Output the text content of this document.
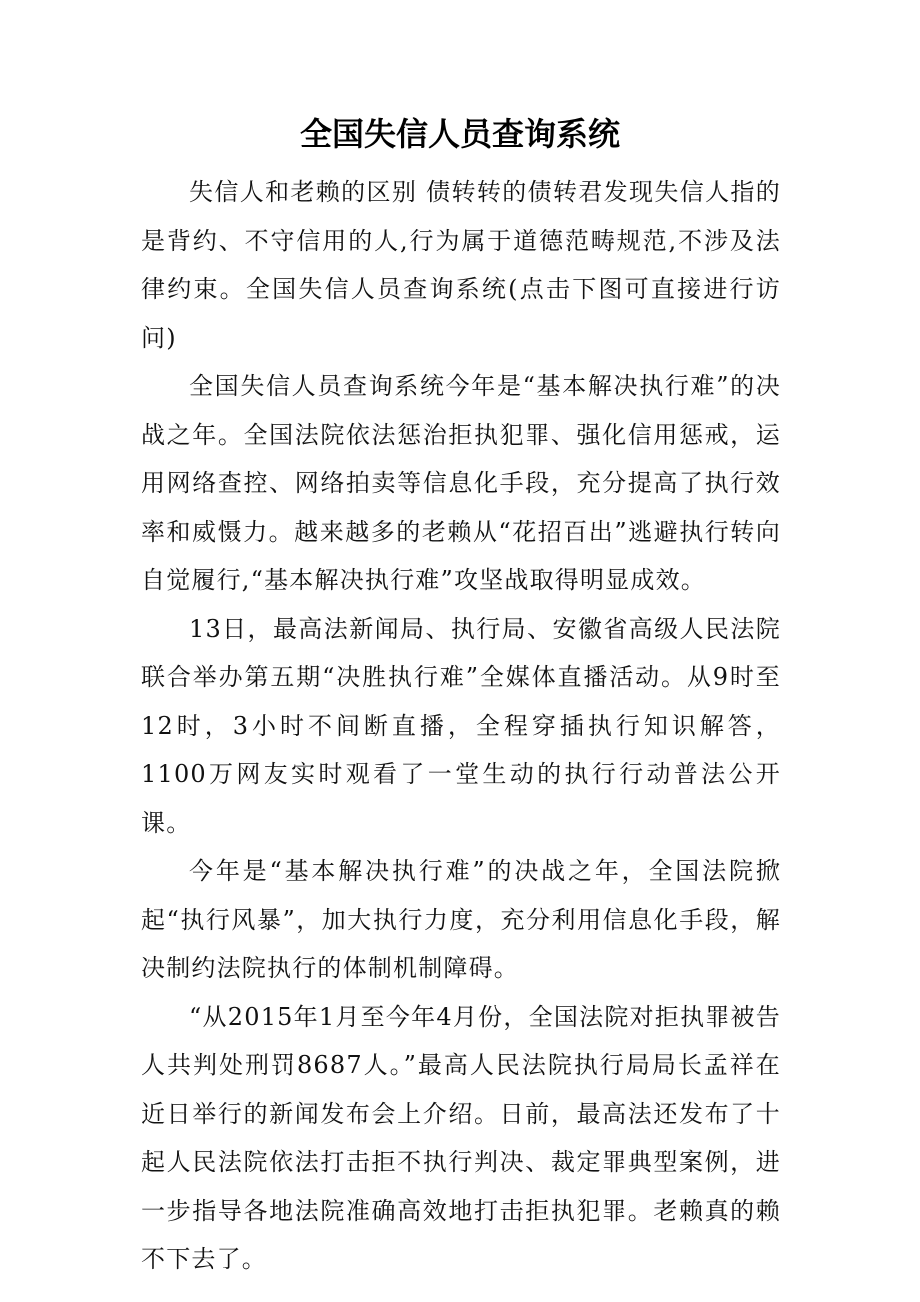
全国失信人员查询系统

失信人和老赖的区别 债转转的债转君发现失信人指的是背约、不守信用的人,行为属于道德范畴规范,不涉及法律约束。全国失信人员查询系统(点击下图可直接进行访问)

全国失信人员查询系统今年是“基本解决执行难”的决战之年。全国法院依法惩治拒执犯罪、强化信用惩戒，运用网络查控、网络拍卖等信息化手段，充分提高了执行效率和威慑力。越来越多的老赖从“花招百出”逃避执行转向自觉履行,“基本解决执行难”攻坚战取得明显成效。

13日，最高法新闻局、执行局、安徽省高级人民法院联合举办第五期“决胜执行难”全媒体直播活动。从9时至12时，3小时不间断直播，全程穿插执行知识解答，1100万网友实时观看了一堂生动的执行行动普法公开课。

今年是“基本解决执行难”的决战之年，全国法院掀起“执行风暴”，加大执行力度，充分利用信息化手段，解决制约法院执行的体制机制障碍。

“从2015年1月至今年4月份，全国法院对拒执罪被告人共判处刑罚8687人。”最高人民法院执行局局长孟祥在近日举行的新闻发布会上介绍。日前，最高法还发布了十起人民法院依法打击拒不执行判决、裁定罪典型案例，进一步指导各地法院准确高效地打击拒执犯罪。老赖真的赖不下去了。
